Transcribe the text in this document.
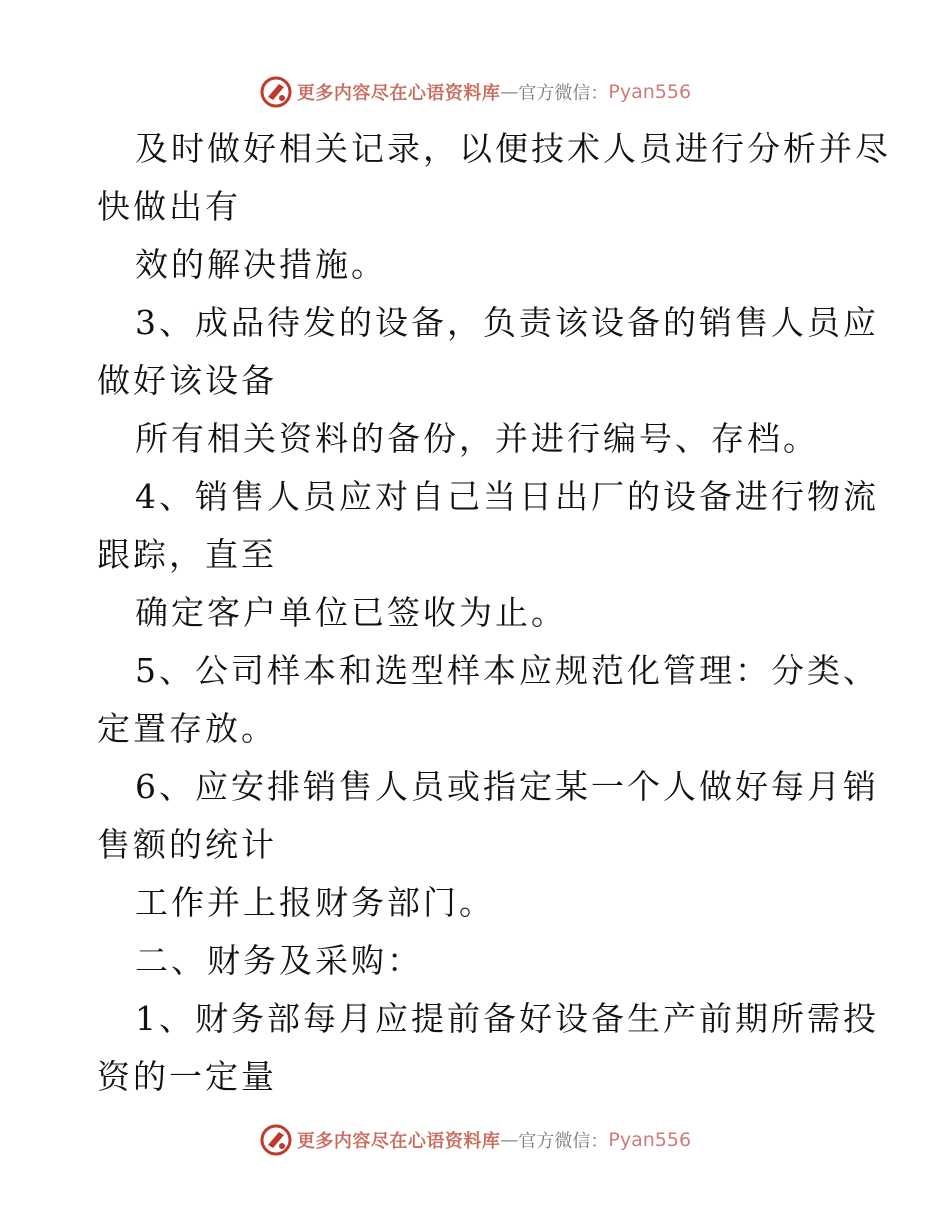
更多内容尽在心语资料库 — 官方微信： Pyan556
及时做好相关记录，以便技术人员进行分析并尽
快做出有
效的解决措施。
3、成品待发的设备，负责该设备的销售人员应
做好该设备
所有相关资料的备份，并进行编号、存档。
4、销售人员应对自己当日出厂的设备进行物流
跟踪，直至
确定客户单位已签收为止。
5、公司样本和选型样本应规范化管理：分类、
定置存放。
6、应安排销售人员或指定某一个人做好每月销
售额的统计
工作并上报财务部门。
二、财务及采购：
1、财务部每月应提前备好设备生产前期所需投
资的一定量
更多内容尽在心语资料库 — 官方微信： Pyan556
